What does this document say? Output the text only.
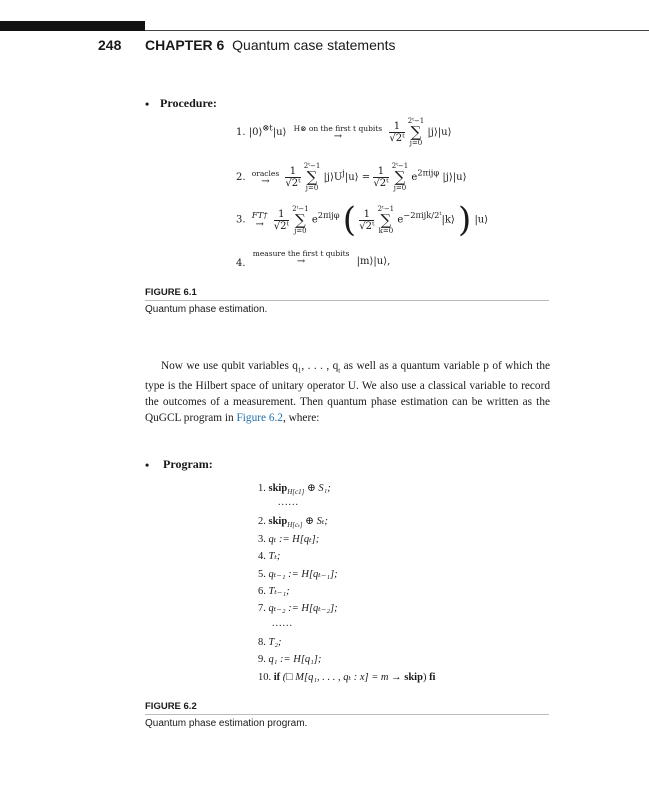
248 CHAPTER 6 Quantum case statements
• Procedure:
1. |0⟩$^{\otimes t}$|u⟩ H⊗ on the first t qubits
→
	$\frac{1}{\text{√2ᵗ}}$
2ᵗ−1
∑
j=0
|j⟩|u⟩
2. oracles
→
	$\frac{1}{\text{√2ᵗ}}$
2ᵗ−1
∑
j=0
$|j⟩U^j|u⟩ = \frac{1}{\text{√2ᵗ}}$
2ᵗ−1
∑
j=0
$e^{2\pi ij\varphi}$ |j⟩|u⟩
3. FT†
→
$\frac{1}{\text{√2ᵗ}}$
2ᵗ−1
∑
j=0
$e^{2\pi ij\varphi}$ ( $\frac{1}{\text{√2ᵗ}}$
2ᵗ−1
∑
k=0
$e^{-2\pi ijk/2ᵗ}|k⟩$ ) |u⟩
4.
measure the first t qubits
→	|m⟩|u⟩,
FIGURE 6.1
Quantum phase estimation.
Now we use qubit variables $q_1$, . . . , $q_t$ as well as a quantum variable p of which the type is the Hilbert space of unitary operator U. We also use a classical variable to record the outcomes of a measurement. Then quantum phase estimation can be written as the QuGCL program in Figure 6.2, where:
• Program:
1. skip$_{H[c1]}$ ⊕ S₁;
......
2. skip$_{H[c_t]}$ ⊕ Sₜ;
3. qₜ := H[qₜ];
4. Tₜ;
5. qₜ₋₁ := H[qₜ₋₁];
6. Tₜ₋₁;
7. qₜ₋₂ := H[qₜ₋₂];
......
8. T₂;
9. q₁ := H[q₁];
10. if (□ M[q₁, . . . , qₜ : x] = m → skip) fi
FIGURE 6.2
Quantum phase estimation program.
